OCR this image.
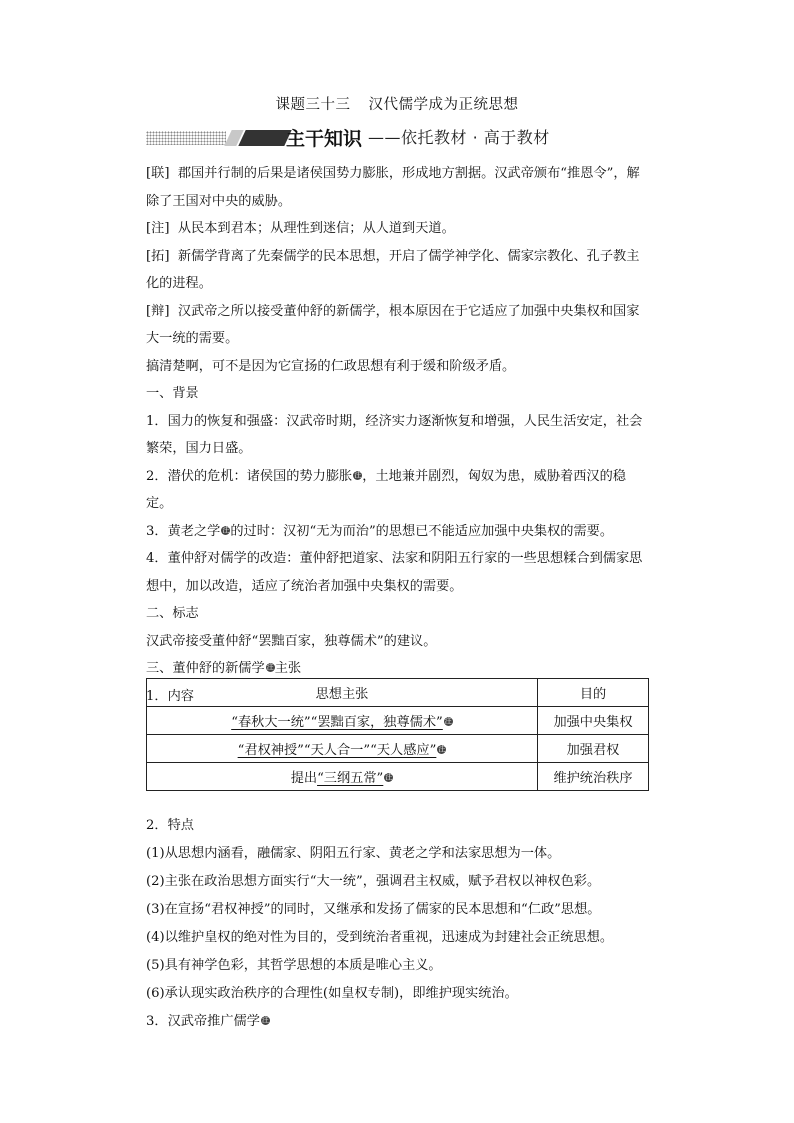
课题三十三 汉代儒学成为正统思想
主干知识 ——依托教材 · 高于教材

[联] 郡国并行制的后果是诸侯国势力膨胀，形成地方割据。汉武帝颁布“推恩令”，解除了王国对中央的威胁。

[注] 从民本到君本；从理性到迷信；从人道到天道。

[拓] 新儒学背离了先秦儒学的民本思想，开启了儒学神学化、儒家宗教化、孔子教主化的进程。

[辩] 汉武帝之所以接受董仲舒的新儒学，根本原因在于它适应了加强中央集权和国家大一统的需要。

搞清楚啊，可不是因为它宣扬的仁政思想有利于缓和阶级矛盾。

一、背景

1．国力的恢复和强盛：汉武帝时期，经济实力逐渐恢复和增强，人民生活安定，社会繁荣，国力日盛。

2．潜伏的危机：诸侯国的势力膨胀 注，土地兼并剧烈，匈奴为患，威胁着西汉的稳定。

3．黄老之学 注的过时：汉初“无为而治”的思想已不能适应加强中央集权的需要。

4．董仲舒对儒学的改造：董仲舒把道家、法家和阴阳五行家的一些思想糅合到儒家思想中，加以改造，适应了统治者加强中央集权的需要。

二、标志

汉武帝接受董仲舒“罢黜百家，独尊儒术”的建议。

三、董仲舒的新儒学 注主张

1．内容	思想主张	目的
“春秋大一统”“罢黜百家，独尊儒术” 注	加强中央集权
“君权神授”“天人合一”“天人感应” 注	加强君权
提出“三纲五常” 注	维护统治秩序

2．特点

(1)从思想内涵看，融儒家、阴阳五行家、黄老之学和法家思想为一体。

(2)主张在政治思想方面实行“大一统”，强调君主权威，赋予君权以神权色彩。

(3)在宣扬“君权神授”的同时，又继承和发扬了儒家的民本思想和“仁政”思想。

(4)以维护皇权的绝对性为目的，受到统治者重视，迅速成为封建社会正统思想。

(5)具有神学色彩，其哲学思想的本质是唯心主义。

(6)承认现实政治秩序的合理性(如皇权专制)，即维护现实统治。

3．汉武帝推广儒学 注
